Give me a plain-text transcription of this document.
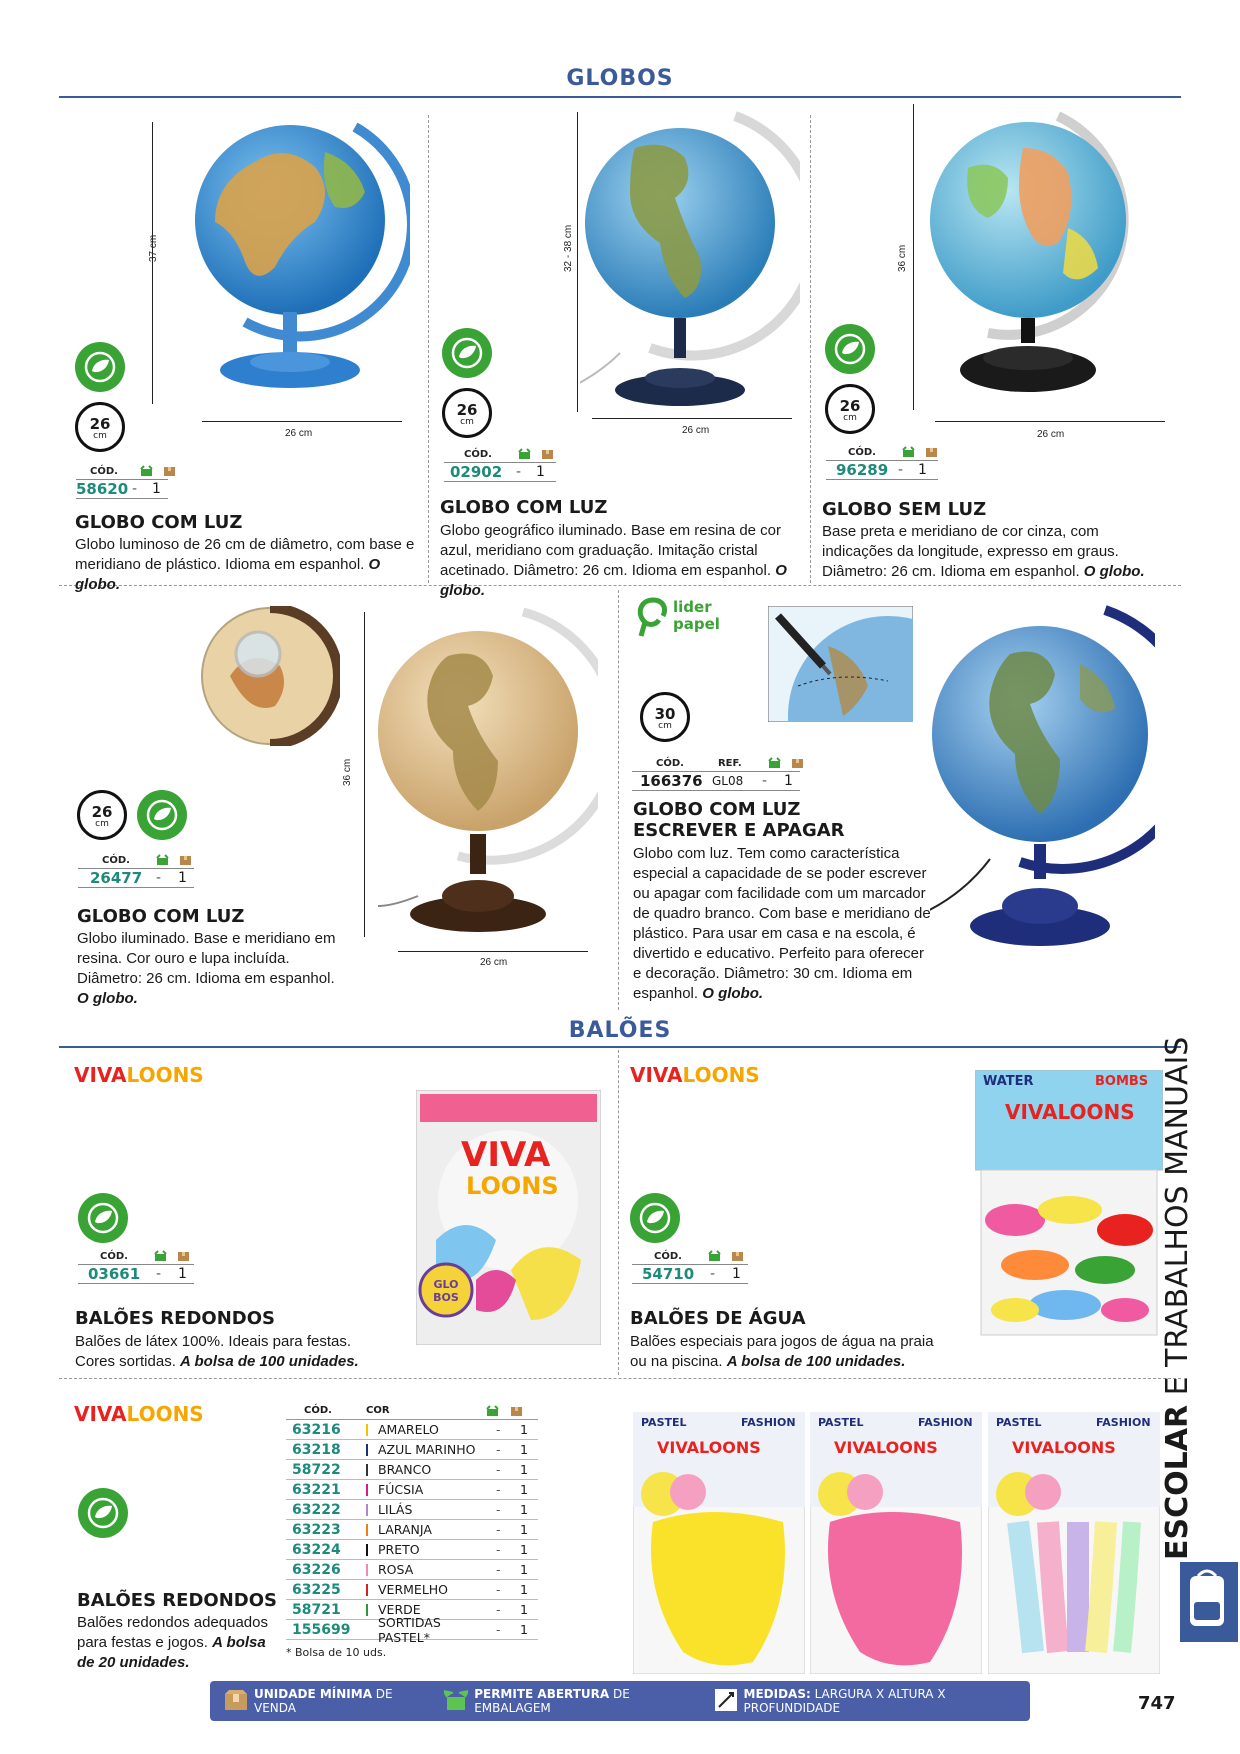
GLOBOS
37 cm
26 cm
26
cm
CÓD.
58620 -	1
GLOBO COM LUZ
Globo luminoso de 26 cm de diâmetro, com base e meridiano de plástico. Idioma em espanhol. O globo.
32 - 38 cm
26 cm
26
cm
CÓD.
02902 -	1
GLOBO COM LUZ
Globo geográfico iluminado. Base em resina de cor azul, meridiano com graduação. Imitação cristal acetinado. Diâmetro: 26 cm. Idioma em espanhol. O globo.
36 cm
26 cm
26
cm
CÓD.
96289 -	1
GLOBO SEM LUZ
Base preta e meridiano de cor cinza, com indicações da longitude, expresso em graus. Diâmetro: 26 cm. Idioma em espanhol. O globo.
36 cm
26 cm
26
cm
CÓD.
26477 -	1
GLOBO COM LUZ
Globo iluminado. Base e meridiano em resina. Cor ouro e lupa incluída. Diâmetro: 26 cm. Idioma em espanhol. O globo.
lider
papel
30
cm
CÓD.	REF.
166376 GL08	-	1
GLOBO COM LUZ
ESCREVER E APAGAR
Globo com luz. Tem como característica especial a capacidade de se poder escrever ou apagar com facilidade com um marcador de quadro branco. Com base e meridiano de plástico. Para usar em casa e na escola, é divertido e educativo. Perfeito para oferecer e decoração. Diâmetro: 30 cm. Idioma em espanhol. O globo.
BALÕES
VIVALOONS
VIVA
LOONS
GLO BOS
CÓD.
03661	-	1
BALÕES REDONDOS
Balões de látex 100%. Ideais para festas. Cores sortidas. A bolsa de 100 unidades.
VIVALOONS	WATER	BOMBS
VIVALOONS
CÓD.
54710	-	1
BALÕES DE ÁGUA
Balões especiais para jogos de água na praia ou na piscina. A bolsa de 100 unidades.
VIVALOONS
BALÕES REDONDOS
Balões redondos adequados para festas e jogos. A bolsa de 20 unidades.
CÓD.	COR
63216	AMARELO	-	1
63218	AZUL MARINHO	-	1
58722	BRANCO	-	1
63221	FÚCSIA	-	1
63222	LILÁS	-	1
63223	LARANJA	-	1
63224	PRETO	-	1
63226	ROSA	-	1
63225	VERMELHO	-	1
58721	VERDE	-	1
155699	SORTIDAS PASTEL*	-	1
* Bolsa de 10 uds.
PASTEL	FASHION
VIVALOONS
PASTEL	FASHION
VIVALOONS
PASTEL	FASHION
VIVALOONS ESCOLAR E TRABALHOS MANUAIS
UNIDADE MÍNIMA DE VENDA
PERMITE ABERTURA DE EMBALAGEM
MEDIDAS: LARGURA X ALTURA X PROFUNDIDADE	747
